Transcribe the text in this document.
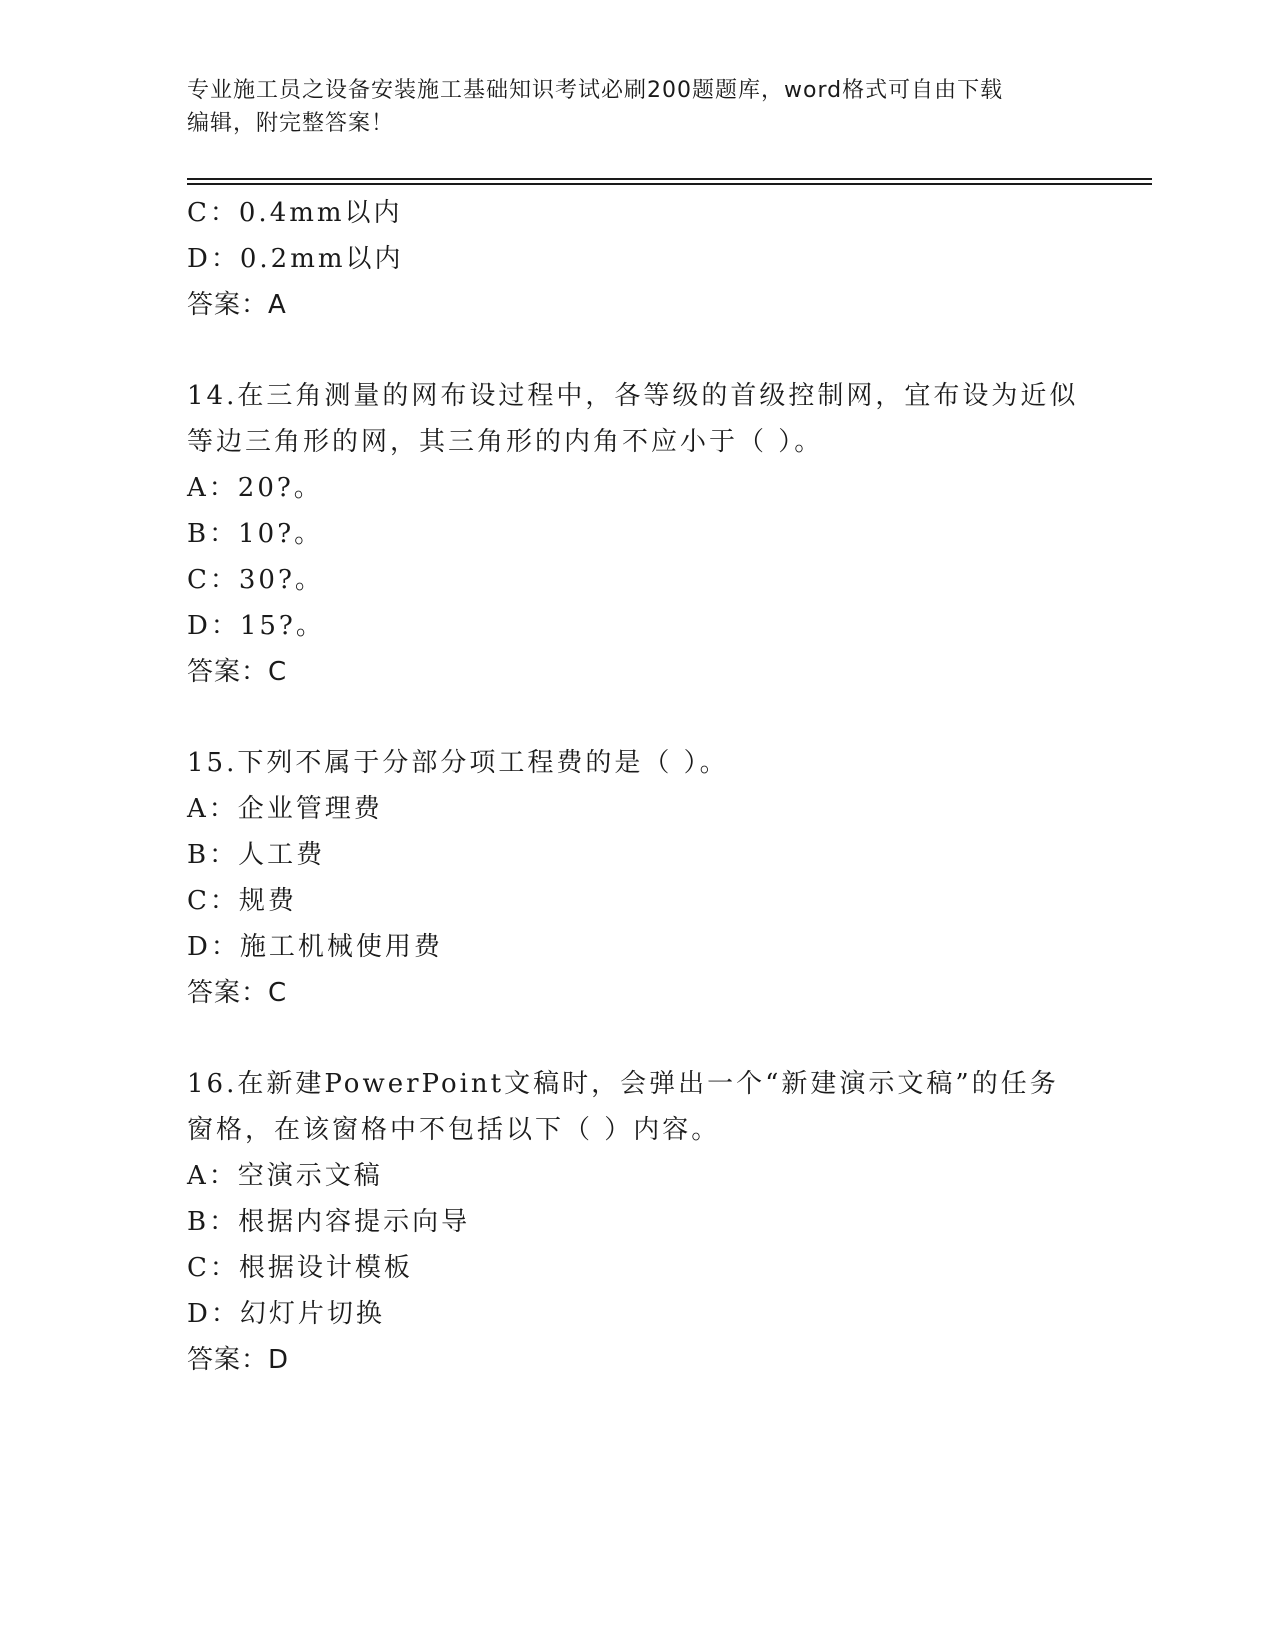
专业施工员之设备安装施工基础知识考试必刷200题题库，word格式可自由下载
编辑，附完整答案！
C：0.4mm以内
D：0.2mm以内
答案：A
14.在三角测量的网布设过程中，各等级的首级控制网，宜布设为近似
等边三角形的网，其三角形的内角不应小于（ ）。
A：20?。
B：10?。
C：30?。
D：15?。
答案：C
15.下列不属于分部分项工程费的是（ ）。
A：企业管理费
B：人工费
C：规费
D：施工机械使用费
答案：C
16.在新建PowerPoint文稿时，会弹出一个“新建演示文稿”的任务
窗格，在该窗格中不包括以下（ ）内容。
A：空演示文稿
B：根据内容提示向导
C：根据设计模板
D：幻灯片切换
答案：D
